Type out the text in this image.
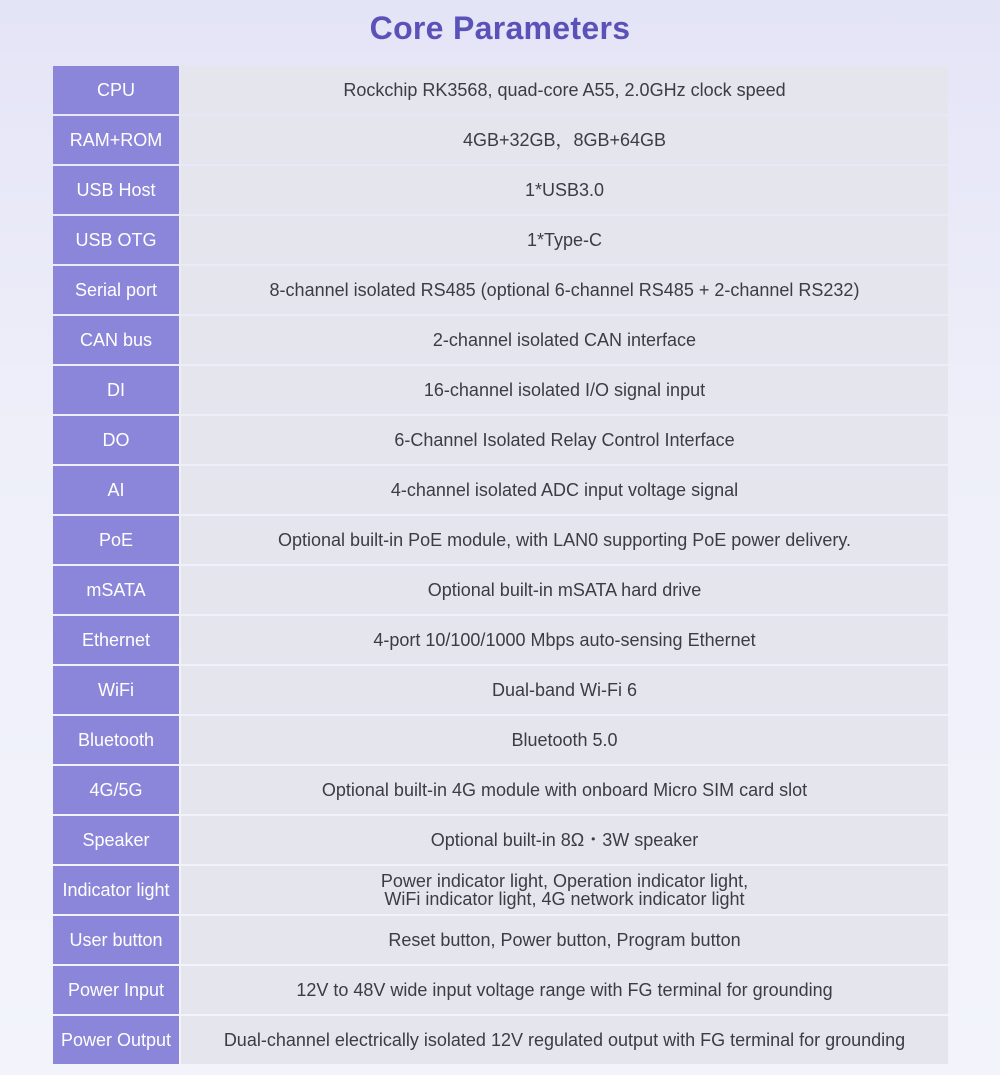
Core Parameters
CPU	Rockchip RK3568, quad-core A55, 2.0GHz clock speed
RAM+ROM	4GB+32GB，8GB+64GB
USB Host	1*USB3.0
USB OTG	1*Type-C
Serial port	8-channel isolated RS485 (optional 6-channel RS485 + 2-channel RS232)
CAN bus	2-channel isolated CAN interface
DI	16-channel isolated I/O signal input
DO	6-Channel Isolated Relay Control Interface
AI	4-channel isolated ADC input voltage signal
PoE	Optional built-in PoE module, with LAN0 supporting PoE power delivery.
mSATA	Optional built-in mSATA hard drive
Ethernet	4-port 10/100/1000 Mbps auto-sensing Ethernet
WiFi	Dual-band Wi-Fi 6
Bluetooth	Bluetooth 5.0
4G/5G	Optional built-in 4G module with onboard Micro SIM card slot
Speaker	Optional built-in 8Ω・3W speaker
Indicator light	Power indicator light, Operation indicator light,
WiFi indicator light, 4G network indicator light
User button	Reset button, Power button, Program button
Power Input	12V to 48V wide input voltage range with FG terminal for grounding
Power Output	Dual-channel electrically isolated 12V regulated output with FG terminal for grounding
